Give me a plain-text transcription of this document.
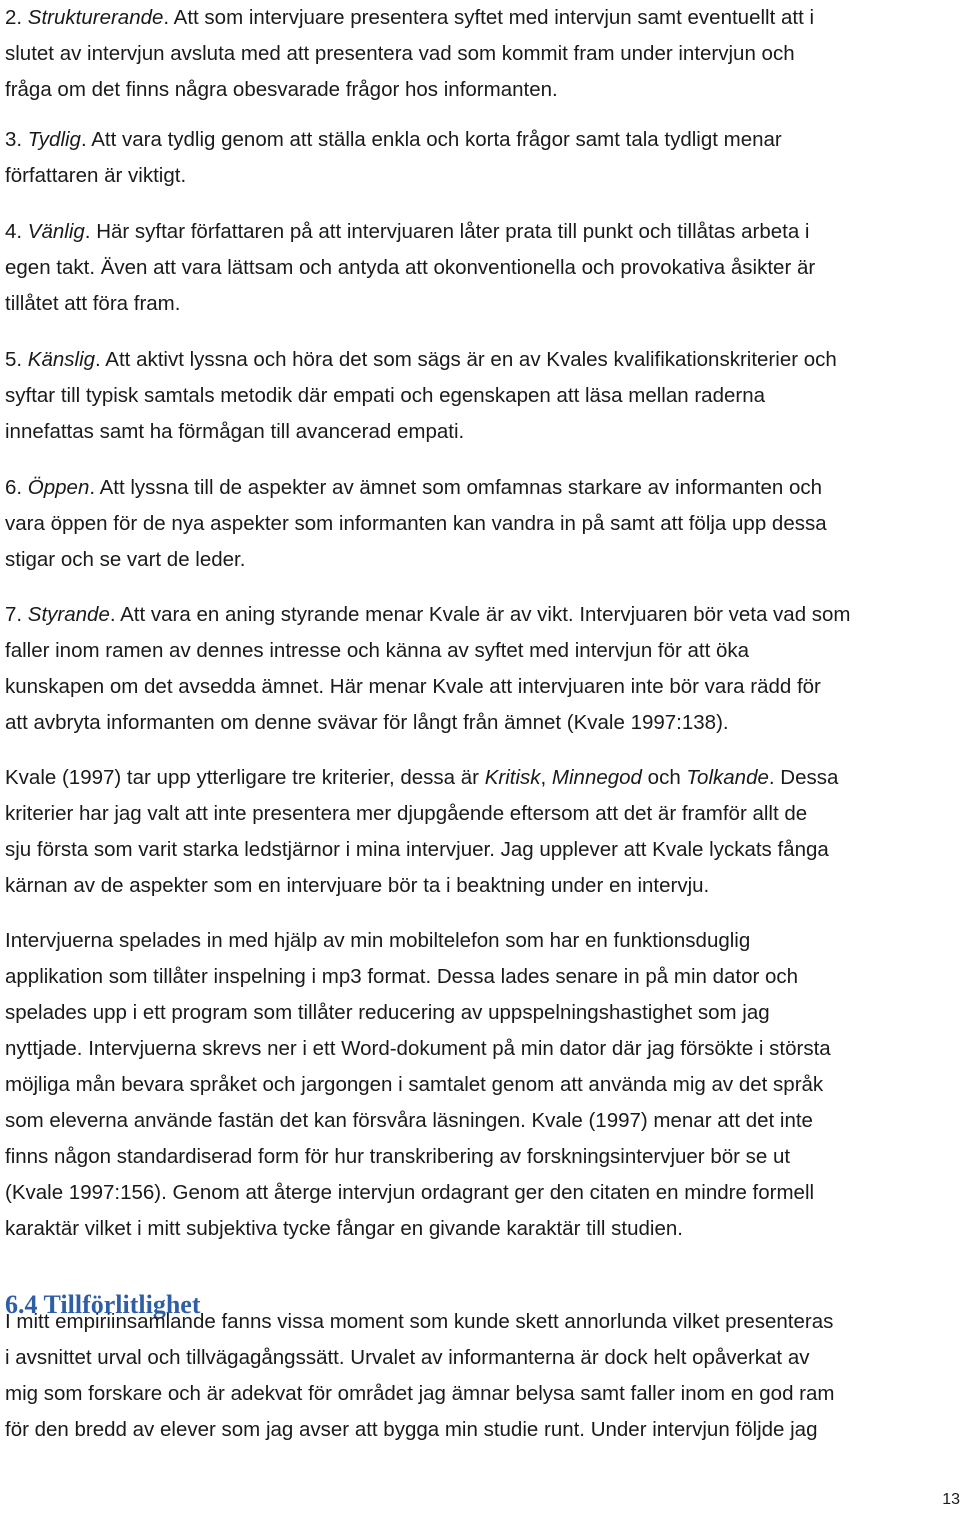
2. Strukturerande. Att som intervjuare presentera syftet med intervjun samt eventuellt att i
slutet av intervjun avsluta med att presentera vad som kommit fram under intervjun och
fråga om det finns några obesvarade frågor hos informanten.
3. Tydlig. Att vara tydlig genom att ställa enkla och korta frågor samt tala tydligt menar
författaren är viktigt.
4. Vänlig. Här syftar författaren på att intervjuaren låter prata till punkt och tillåtas arbeta i
egen takt. Även att vara lättsam och antyda att okonventionella och provokativa åsikter är
tillåtet att föra fram.
5. Känslig. Att aktivt lyssna och höra det som sägs är en av Kvales kvalifikationskriterier och
syftar till typisk samtals metodik där empati och egenskapen att läsa mellan raderna
innefattas samt ha förmågan till avancerad empati.
6. Öppen. Att lyssna till de aspekter av ämnet som omfamnas starkare av informanten och
vara öppen för de nya aspekter som informanten kan vandra in på samt att följa upp dessa
stigar och se vart de leder.
7. Styrande. Att vara en aning styrande menar Kvale är av vikt. Intervjuaren bör veta vad som
faller inom ramen av dennes intresse och känna av syftet med intervjun för att öka
kunskapen om det avsedda ämnet. Här menar Kvale att intervjuaren inte bör vara rädd för
att avbryta informanten om denne svävar för långt från ämnet (Kvale 1997:138).
Kvale (1997) tar upp ytterligare tre kriterier, dessa är Kritisk, Minnegod och Tolkande. Dessa
kriterier har jag valt att inte presentera mer djupgående eftersom att det är framför allt de
sju första som varit starka ledstjärnor i mina intervjuer. Jag upplever att Kvale lyckats fånga
kärnan av de aspekter som en intervjuare bör ta i beaktning under en intervju.
Intervjuerna spelades in med hjälp av min mobiltelefon som har en funktionsduglig
applikation som tillåter inspelning i mp3 format. Dessa lades senare in på min dator och
spelades upp i ett program som tillåter reducering av uppspelningshastighet som jag
nyttjade. Intervjuerna skrevs ner i ett Word-dokument på min dator där jag försökte i största
möjliga mån bevara språket och jargongen i samtalet genom att använda mig av det språk
som eleverna använde fastän det kan försvåra läsningen. Kvale (1997) menar att det inte
finns någon standardiserad form för hur transkribering av forskningsintervjuer bör se ut
(Kvale 1997:156). Genom att återge intervjun ordagrant ger den citaten en mindre formell
karaktär vilket i mitt subjektiva tycke fångar en givande karaktär till studien.
6.4 Tillförlitlighet
I mitt empiriinsamlande fanns vissa moment som kunde skett annorlunda vilket presenteras
i avsnittet urval och tillvägagångssätt. Urvalet av informanterna är dock helt opåverkat av
mig som forskare och är adekvat för området jag ämnar belysa samt faller inom en god ram
för den bredd av elever som jag avser att bygga min studie runt. Under intervjun följde jag
13
